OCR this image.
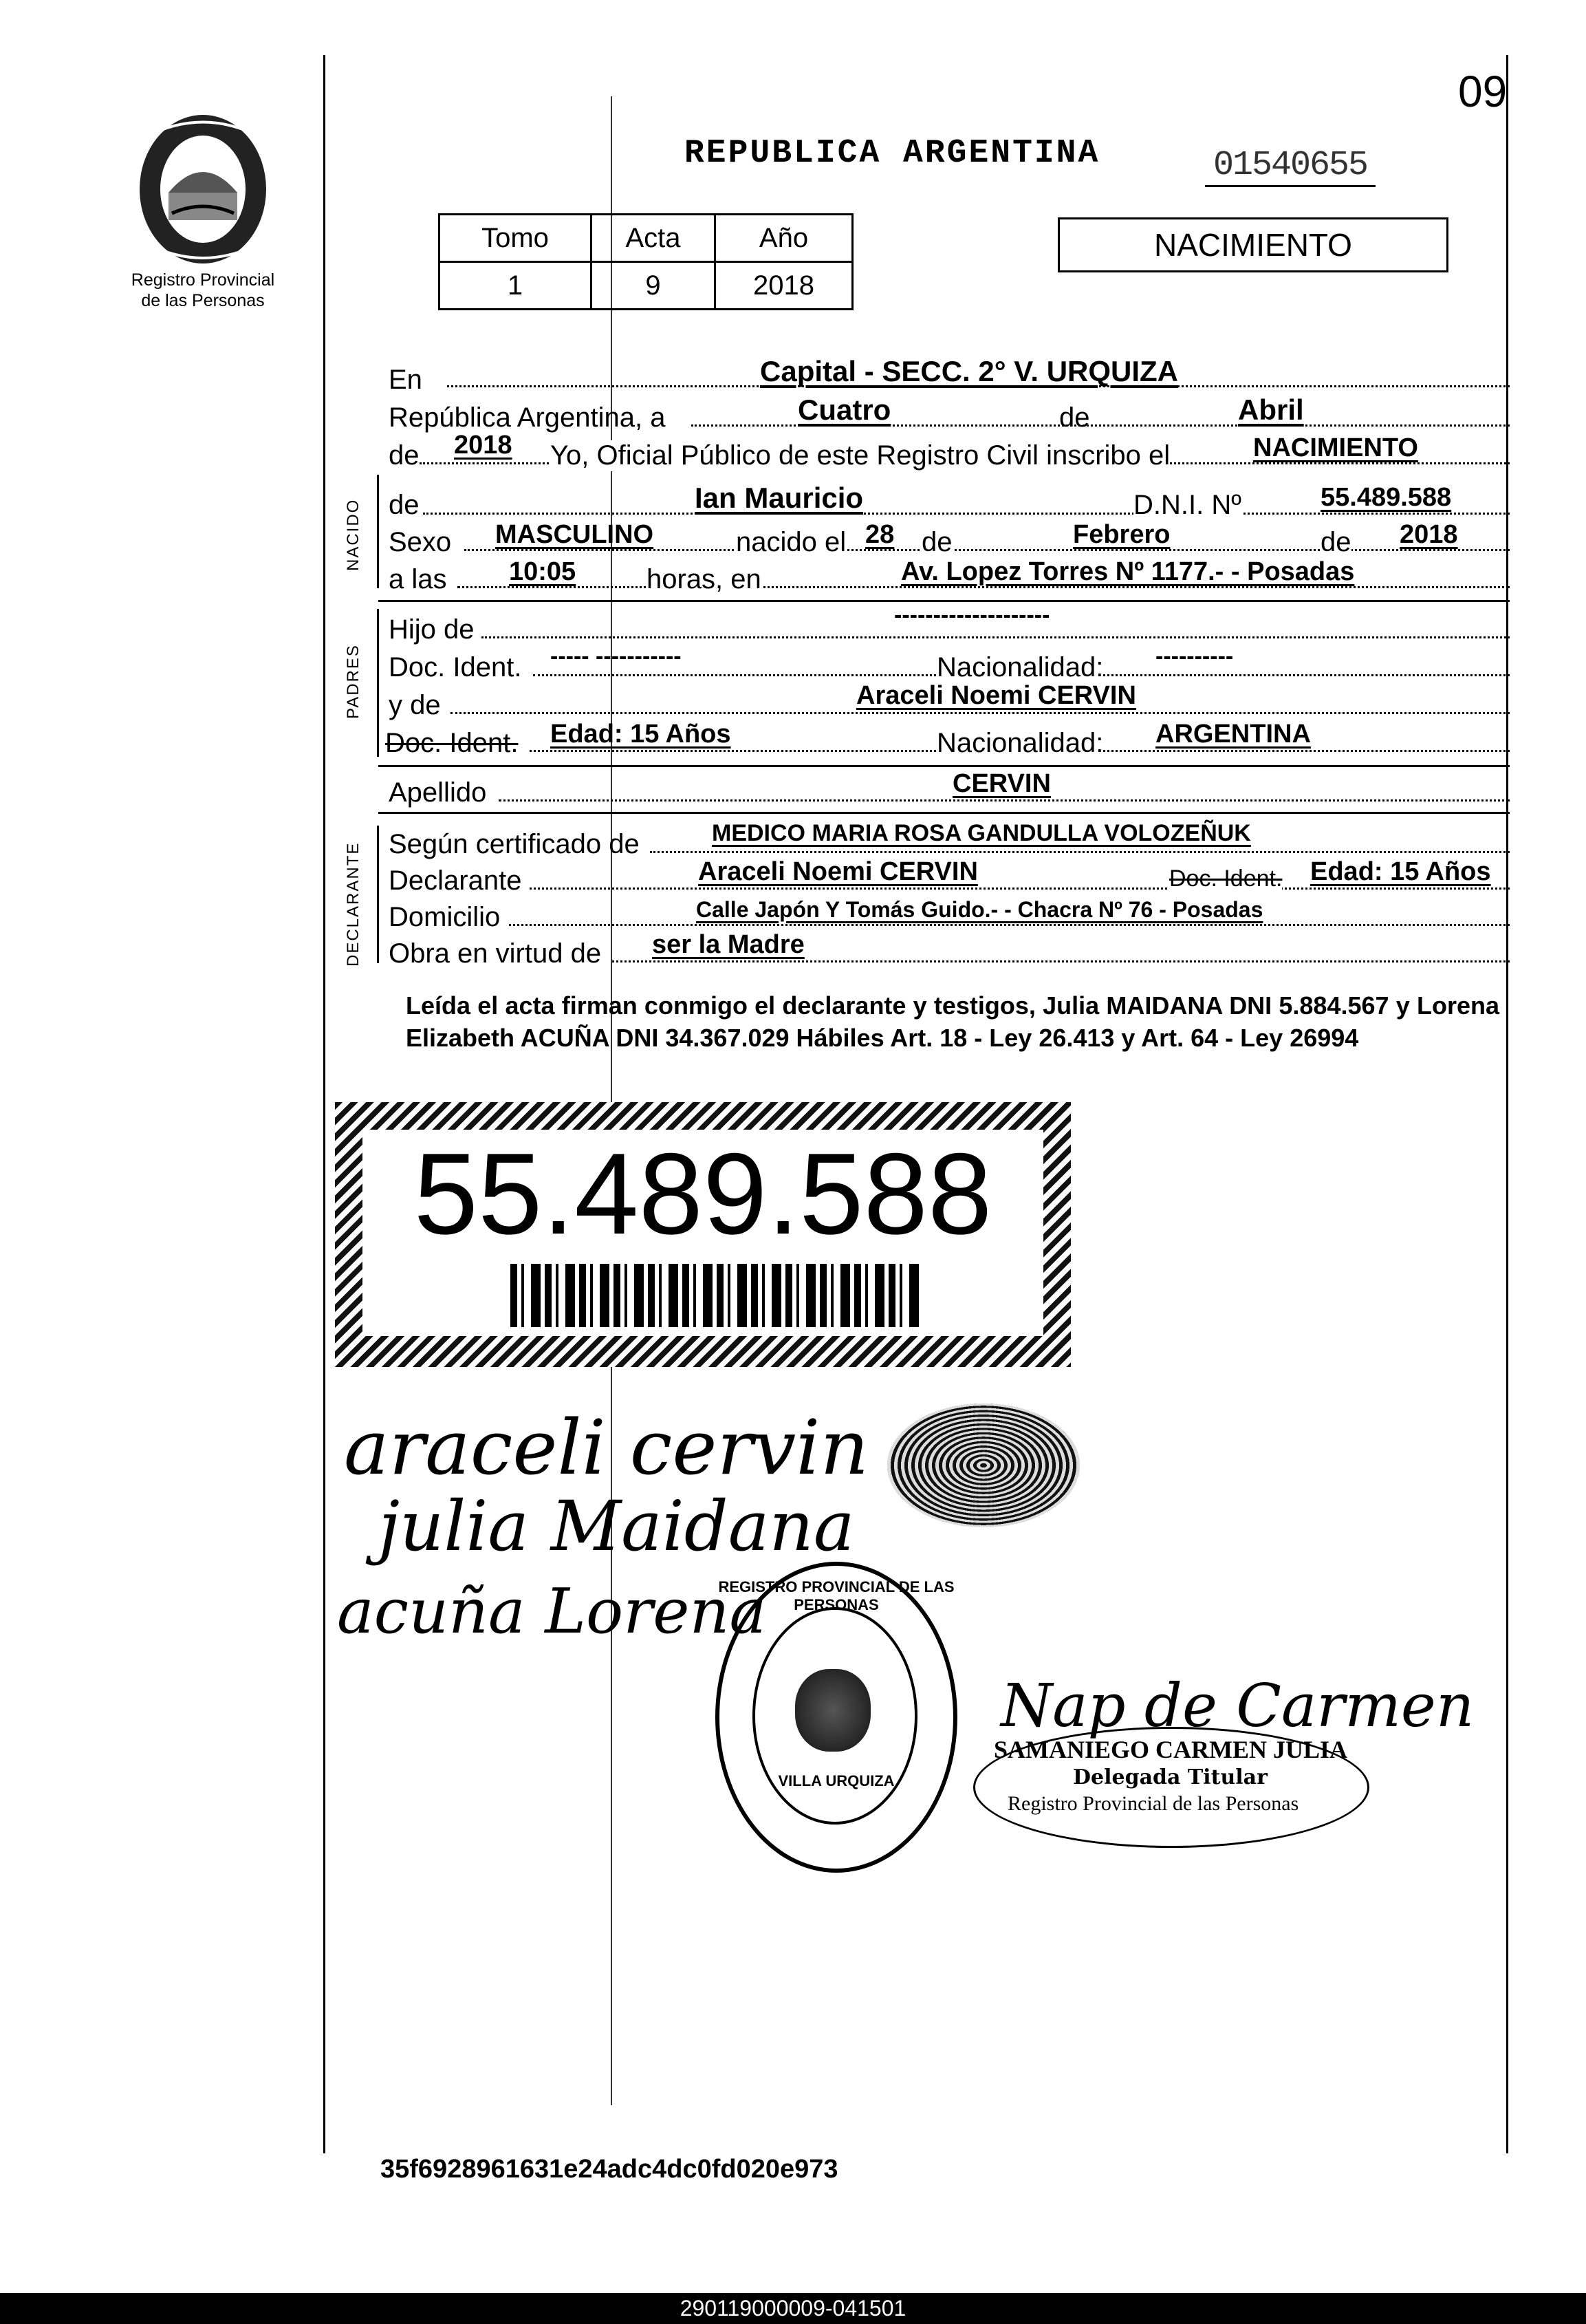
09
Registro Provincial
de las Personas
REPUBLICA ARGENTINA	01540655
Tomo	Acta	Año
1	9	2018
NACIMIENTO
En	Capital - SECC. 2° V. URQUIZA
República Argentina, a	Cuatro	de	Abril
de 2018 Yo, Oficial Público de este Registro Civil inscribo el	NACIMIENTO
NACIDO de	Ian Mauricio	D.N.I. Nº	55.489.588
Sexo MASCULINO	nacido el 28 de	Febrero	de 2018
a las 10:05	horas, en	Av. Lopez Torres Nº 1177.- - Posadas
PADRES
Hijo de	--------------------
Doc. Ident. ----- -----------	Nacionalidad: ----------
y de	Araceli Noemi CERVIN
Doc. Ident. Edad: 15 Años	Nacionalidad: ARGENTINA
Apellido	CERVIN
DECLARANTE Según certificado de	MEDICO MARIA ROSA GANDULLA VOLOZEÑUK
Declarante	Araceli Noemi CERVIN	Doc. Ident. Edad: 15 Años
Domicilio	Calle Japón Y Tomás Guido.- - Chacra Nº 76 - Posadas
Obra en virtud de ser la Madre
Leída el acta firman conmigo el declarante y testigos, Julia MAIDANA DNI 5.884.567 y Lorena Elizabeth ACUÑA DNI 34.367.029 Hábiles Art. 18 - Ley 26.413 y Art. 64 - Ley 26994
55.489.588
araceli cervin
julia Maidana
acuña Lorena
REGISTRO PROVINCIAL DE LAS PERSONAS
VILLA URQUIZA
Nap de Carmen
SAMANIEGO CARMEN JULIA
Delegada Titular
Registro Provincial de las Personas
35f6928961631e24adc4dc0fd020e973
290119000009-041501
